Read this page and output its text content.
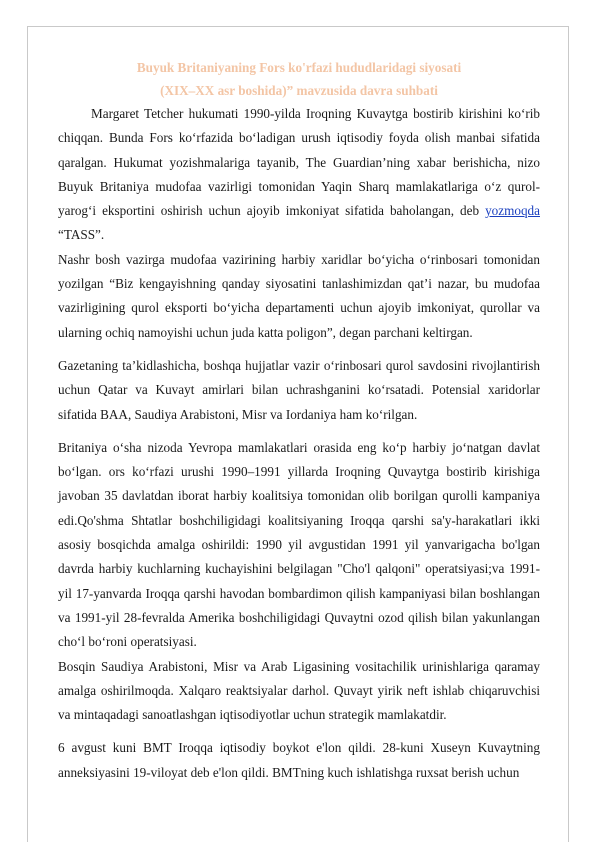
Buyuk Britaniyaning Fors ko'rfazi hududlaridagi siyosati
(XIX–XX asr boshida)” mavzusida davra suhbati

Margaret Tetcher hukumati 1990-yilda Iroqning Kuvaytga bostirib kirishini ko‘rib chiqqan. Bunda Fors ko‘rfazida bo‘ladigan urush iqtisodiy foyda olish manbai sifatida qaralgan. Hukumat yozishmalariga tayanib, The Guardian’ning xabar berishicha, nizo Buyuk Britaniya mudofaa vazirligi tomonidan Yaqin Sharq mamlakatlariga o‘z qurol-yarog‘i eksportini oshirish uchun ajoyib imkoniyat sifatida baholangan, deb yozmoqda “TASS”.

Nashr bosh vazirga mudofaa vazirining harbiy xaridlar bo‘yicha o‘rinbosari tomonidan yozilgan “Biz kengayishning qanday siyosatini tanlashimizdan qat’i nazar, bu mudofaa vazirligining qurol eksporti bo‘yicha departamenti uchun ajoyib imkoniyat, qurollar va ularning ochiq namoyishi uchun juda katta poligon”, degan parchani keltirgan.

Gazetaning ta’kidlashicha, boshqa hujjatlar vazir o‘rinbosari qurol savdosini rivojlantirish uchun Qatar va Kuvayt amirlari bilan uchrashganini ko‘rsatadi. Potensial xaridorlar sifatida BAA, Saudiya Arabistoni, Misr va Iordaniya ham ko‘rilgan.

Britaniya o‘sha nizoda Yevropa mamlakatlari orasida eng ko‘p harbiy jo‘natgan davlat bo‘lgan. ors ko‘rfazi urushi 1990–1991 yillarda Iroqning Quvaytga bostirib kirishiga javoban 35 davlatdan iborat harbiy koalitsiya tomonidan olib borilgan qurolli kampaniya edi.Qo'shma Shtatlar boshchiligidagi koalitsiyaning Iroqqa qarshi sa'y-harakatlari ikki asosiy bosqichda amalga oshirildi: 1990 yil avgustidan 1991 yil yanvarigacha bo'lgan davrda harbiy kuchlarning kuchayishini belgilagan "Cho'l qalqoni" operatsiyasi;va 1991-yil 17-yanvarda Iroqqa qarshi havodan bombardimon qilish kampaniyasi bilan boshlangan va 1991-yil 28-fevralda Amerika boshchiligidagi Quvaytni ozod qilish bilan yakunlangan cho‘l bo‘roni operatsiyasi.

Bosqin Saudiya Arabistoni, Misr va Arab Ligasining vositachilik urinishlariga qaramay amalga oshirilmoqda. Xalqaro reaktsiyalar darhol. Quvayt yirik neft ishlab chiqaruvchisi va mintaqadagi sanoatlashgan iqtisodiyotlar uchun strategik mamlakatdir.

6 avgust kuni BMT Iroqqa iqtisodiy boykot e'lon qildi. 28-kuni Xuseyn Kuvaytning anneksiyasini 19-viloyat deb e'lon qildi. BMTning kuch ishlatishga ruxsat berish uchun
